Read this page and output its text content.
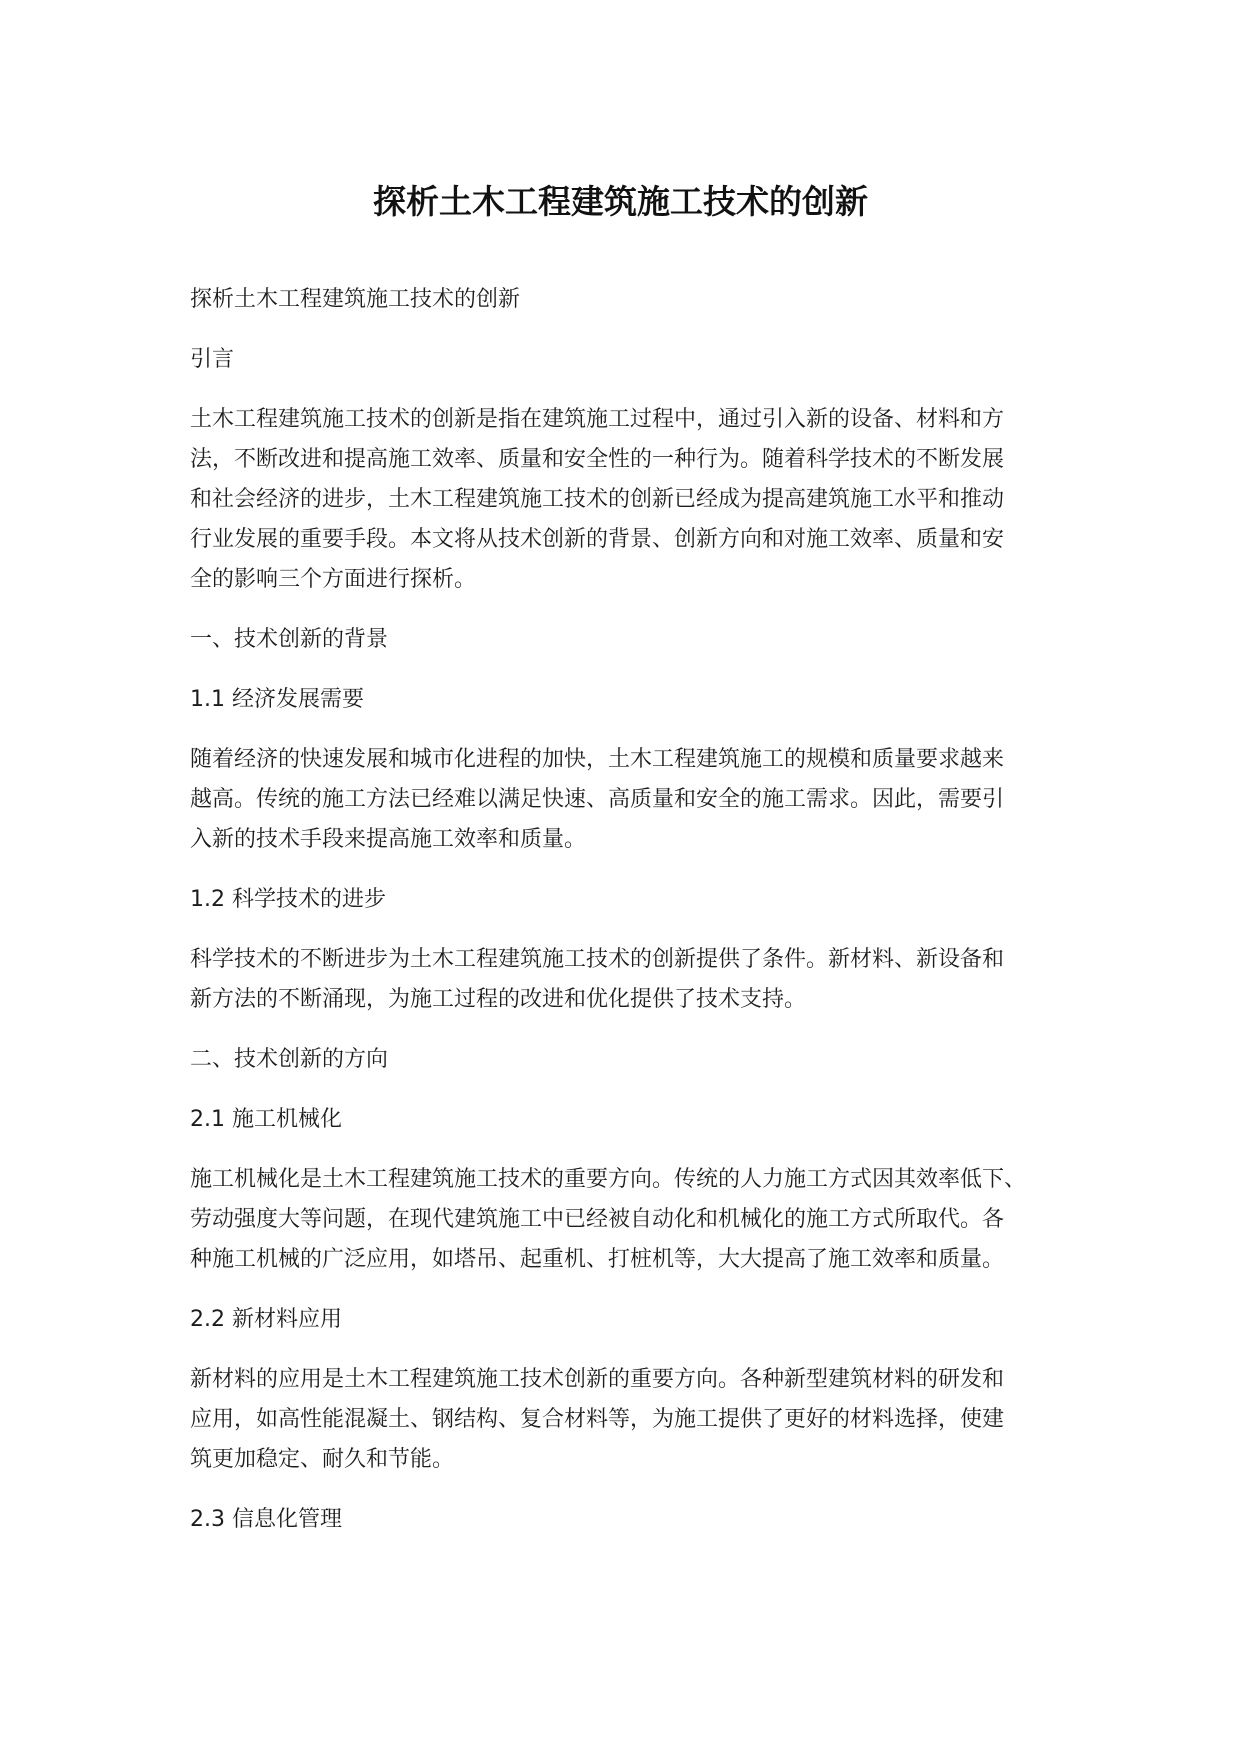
探析土木工程建筑施工技术的创新

探析土木工程建筑施工技术的创新

引言

土木工程建筑施工技术的创新是指在建筑施工过程中，通过引入新的设备、材料和方
法，不断改进和提高施工效率、质量和安全性的一种行为。随着科学技术的不断发展
和社会经济的进步，土木工程建筑施工技术的创新已经成为提高建筑施工水平和推动
行业发展的重要手段。本文将从技术创新的背景、创新方向和对施工效率、质量和安
全的影响三个方面进行探析。

一、技术创新的背景

1.1 经济发展需要

随着经济的快速发展和城市化进程的加快，土木工程建筑施工的规模和质量要求越来
越高。传统的施工方法已经难以满足快速、高质量和安全的施工需求。因此，需要引
入新的技术手段来提高施工效率和质量。

1.2 科学技术的进步

科学技术的不断进步为土木工程建筑施工技术的创新提供了条件。新材料、新设备和
新方法的不断涌现，为施工过程的改进和优化提供了技术支持。

二、技术创新的方向

2.1 施工机械化

施工机械化是土木工程建筑施工技术的重要方向。传统的人力施工方式因其效率低下、
劳动强度大等问题，在现代建筑施工中已经被自动化和机械化的施工方式所取代。各
种施工机械的广泛应用，如塔吊、起重机、打桩机等，大大提高了施工效率和质量。

2.2 新材料应用

新材料的应用是土木工程建筑施工技术创新的重要方向。各种新型建筑材料的研发和
应用，如高性能混凝土、钢结构、复合材料等，为施工提供了更好的材料选择，使建
筑更加稳定、耐久和节能。

2.3 信息化管理
